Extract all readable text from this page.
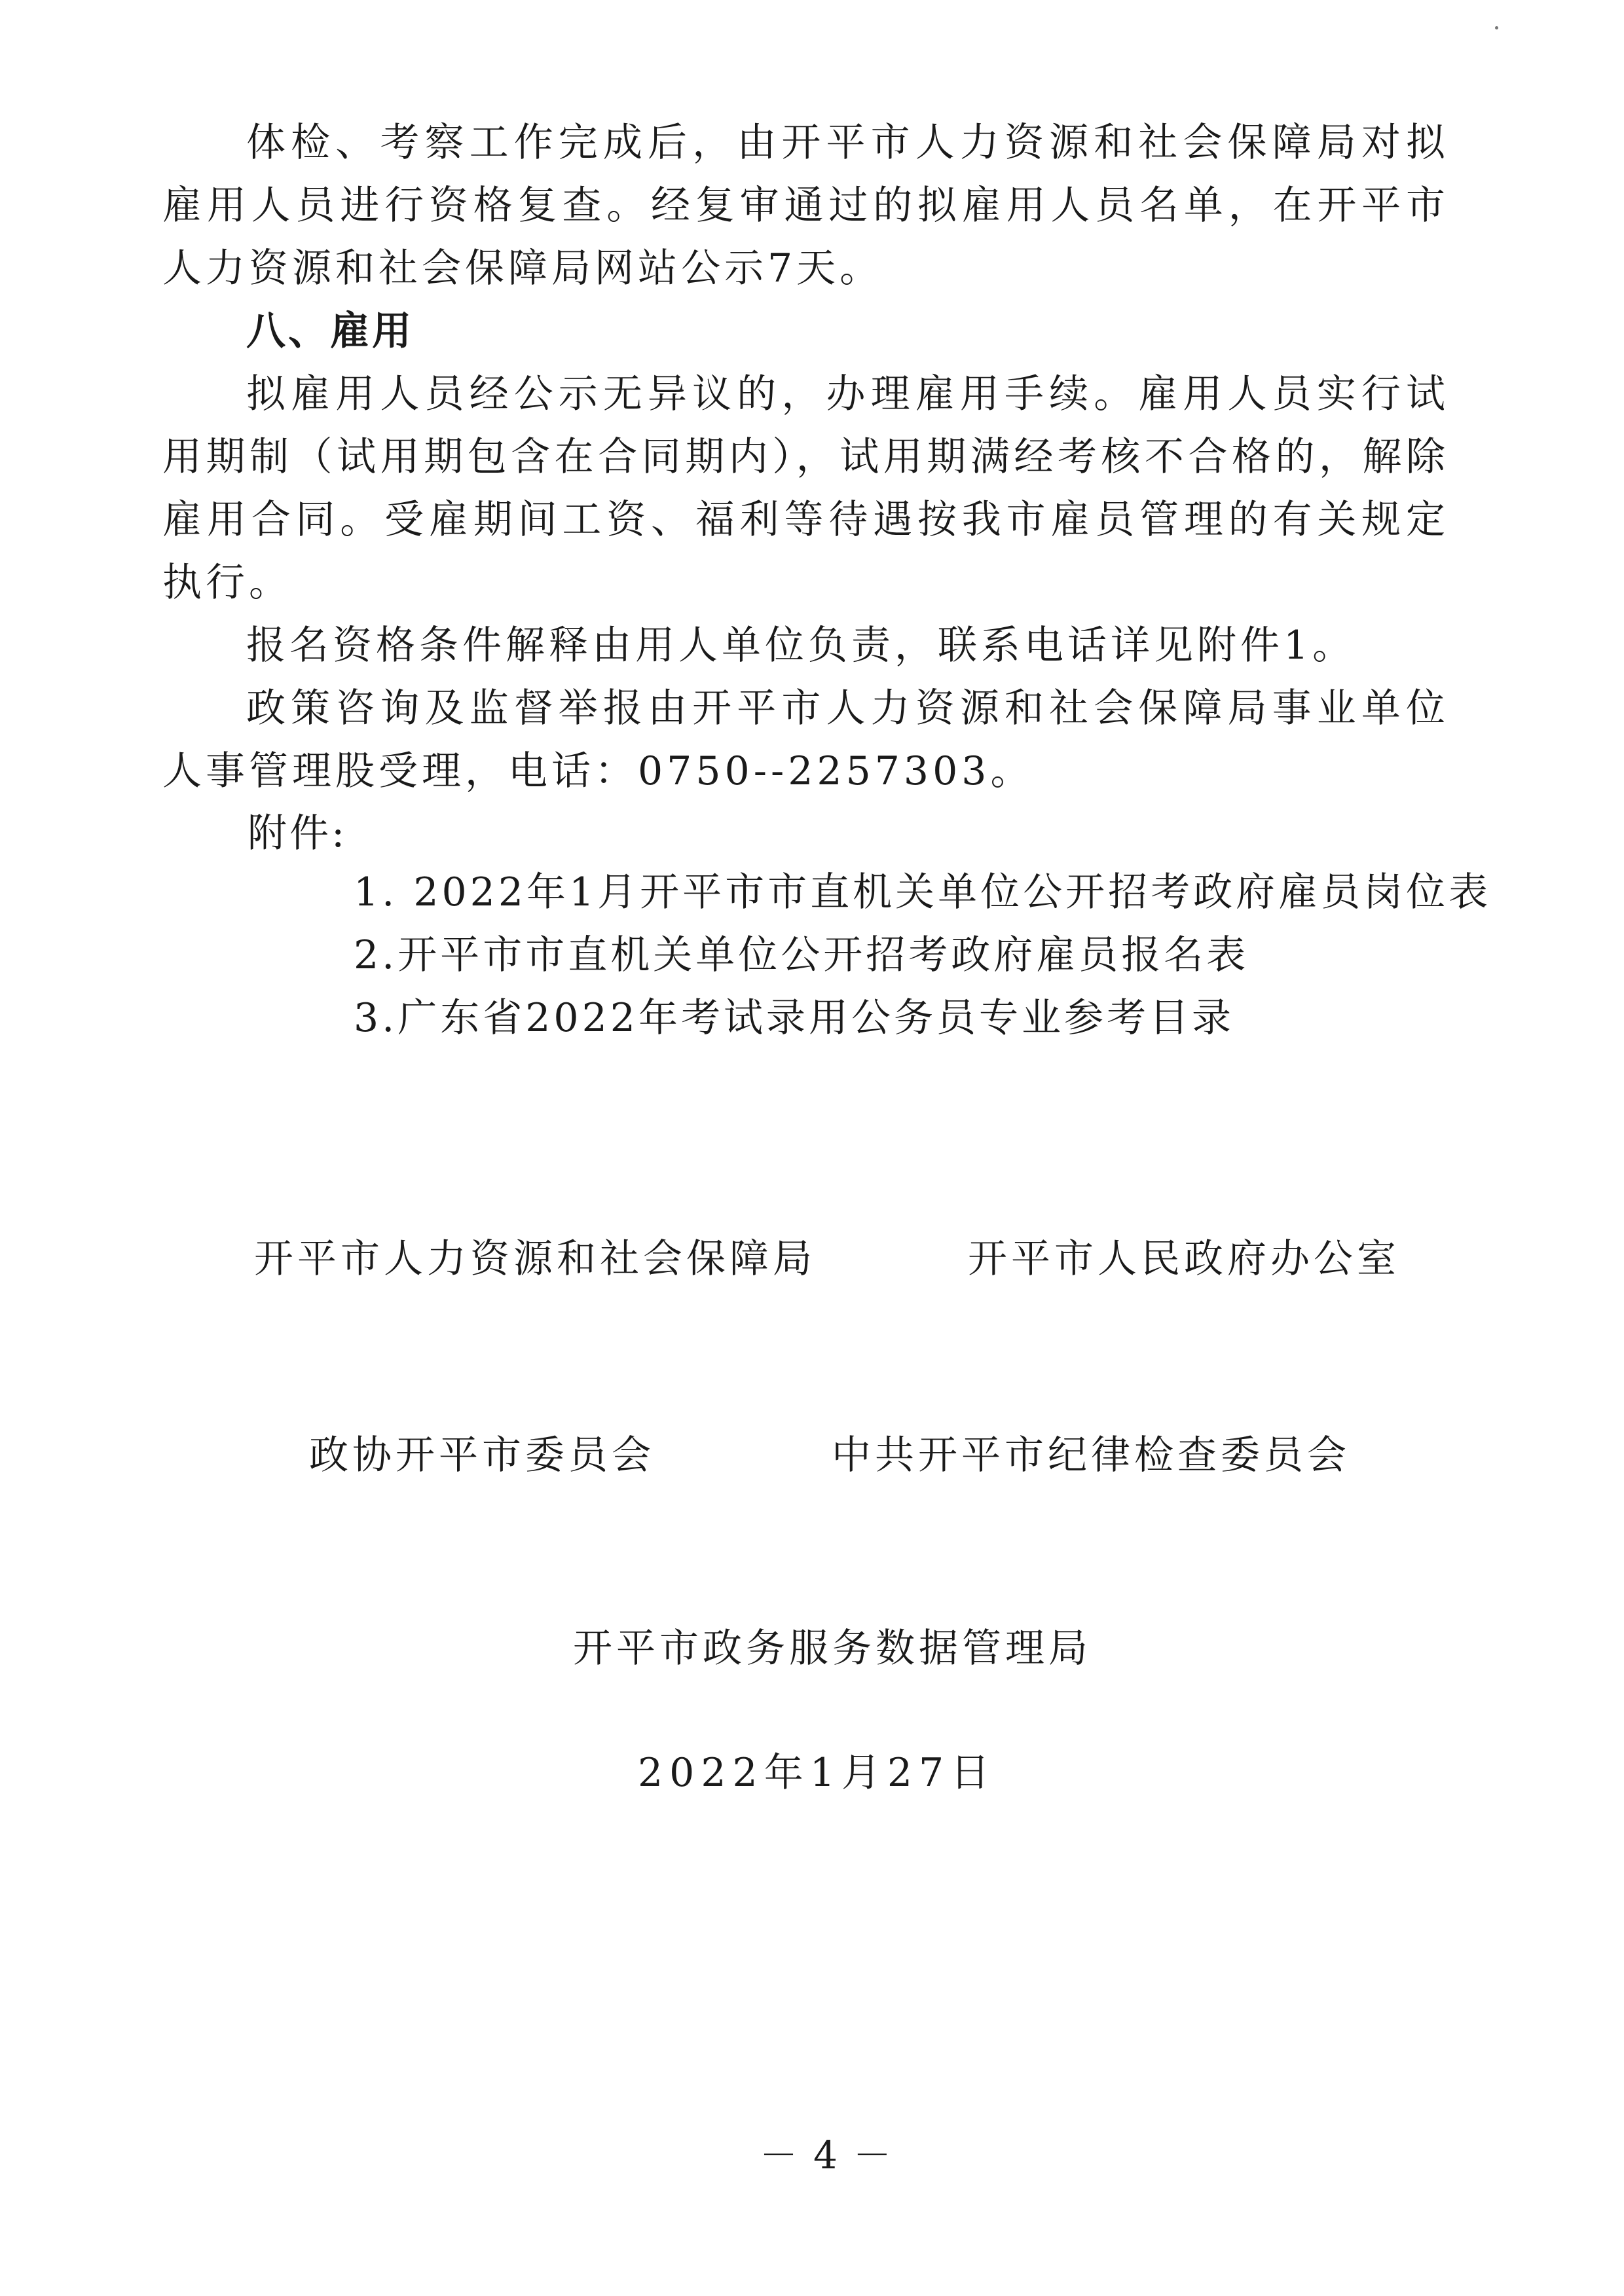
体检、考察工作完成后，由开平市人力资源和社会保障局对拟雇用人员进行资格复查。经复审通过的拟雇用人员名单，在开平市人力资源和社会保障局网站公示7天。

八、雇用

拟雇用人员经公示无异议的，办理雇用手续。雇用人员实行试用期制（试用期包含在合同期内），试用期满经考核不合格的，解除雇用合同。受雇期间工资、福利等待遇按我市雇员管理的有关规定执行。

报名资格条件解释由用人单位负责，联系电话详见附件1。

政策咨询及监督举报由开平市人力资源和社会保障局事业单位人事管理股受理，电话：0750--2257303。

附件:

1. 2022年1月开平市市直机关单位公开招考政府雇员岗位表
2.开平市市直机关单位公开招考政府雇员报名表
3.广东省2022年考试录用公务员专业参考目录

开平市人力资源和社会保障局	开平市人民政府办公室

政协开平市委员会	中共开平市纪律检查委员会

开平市政务服务数据管理局

2022年1月27日

－4－
